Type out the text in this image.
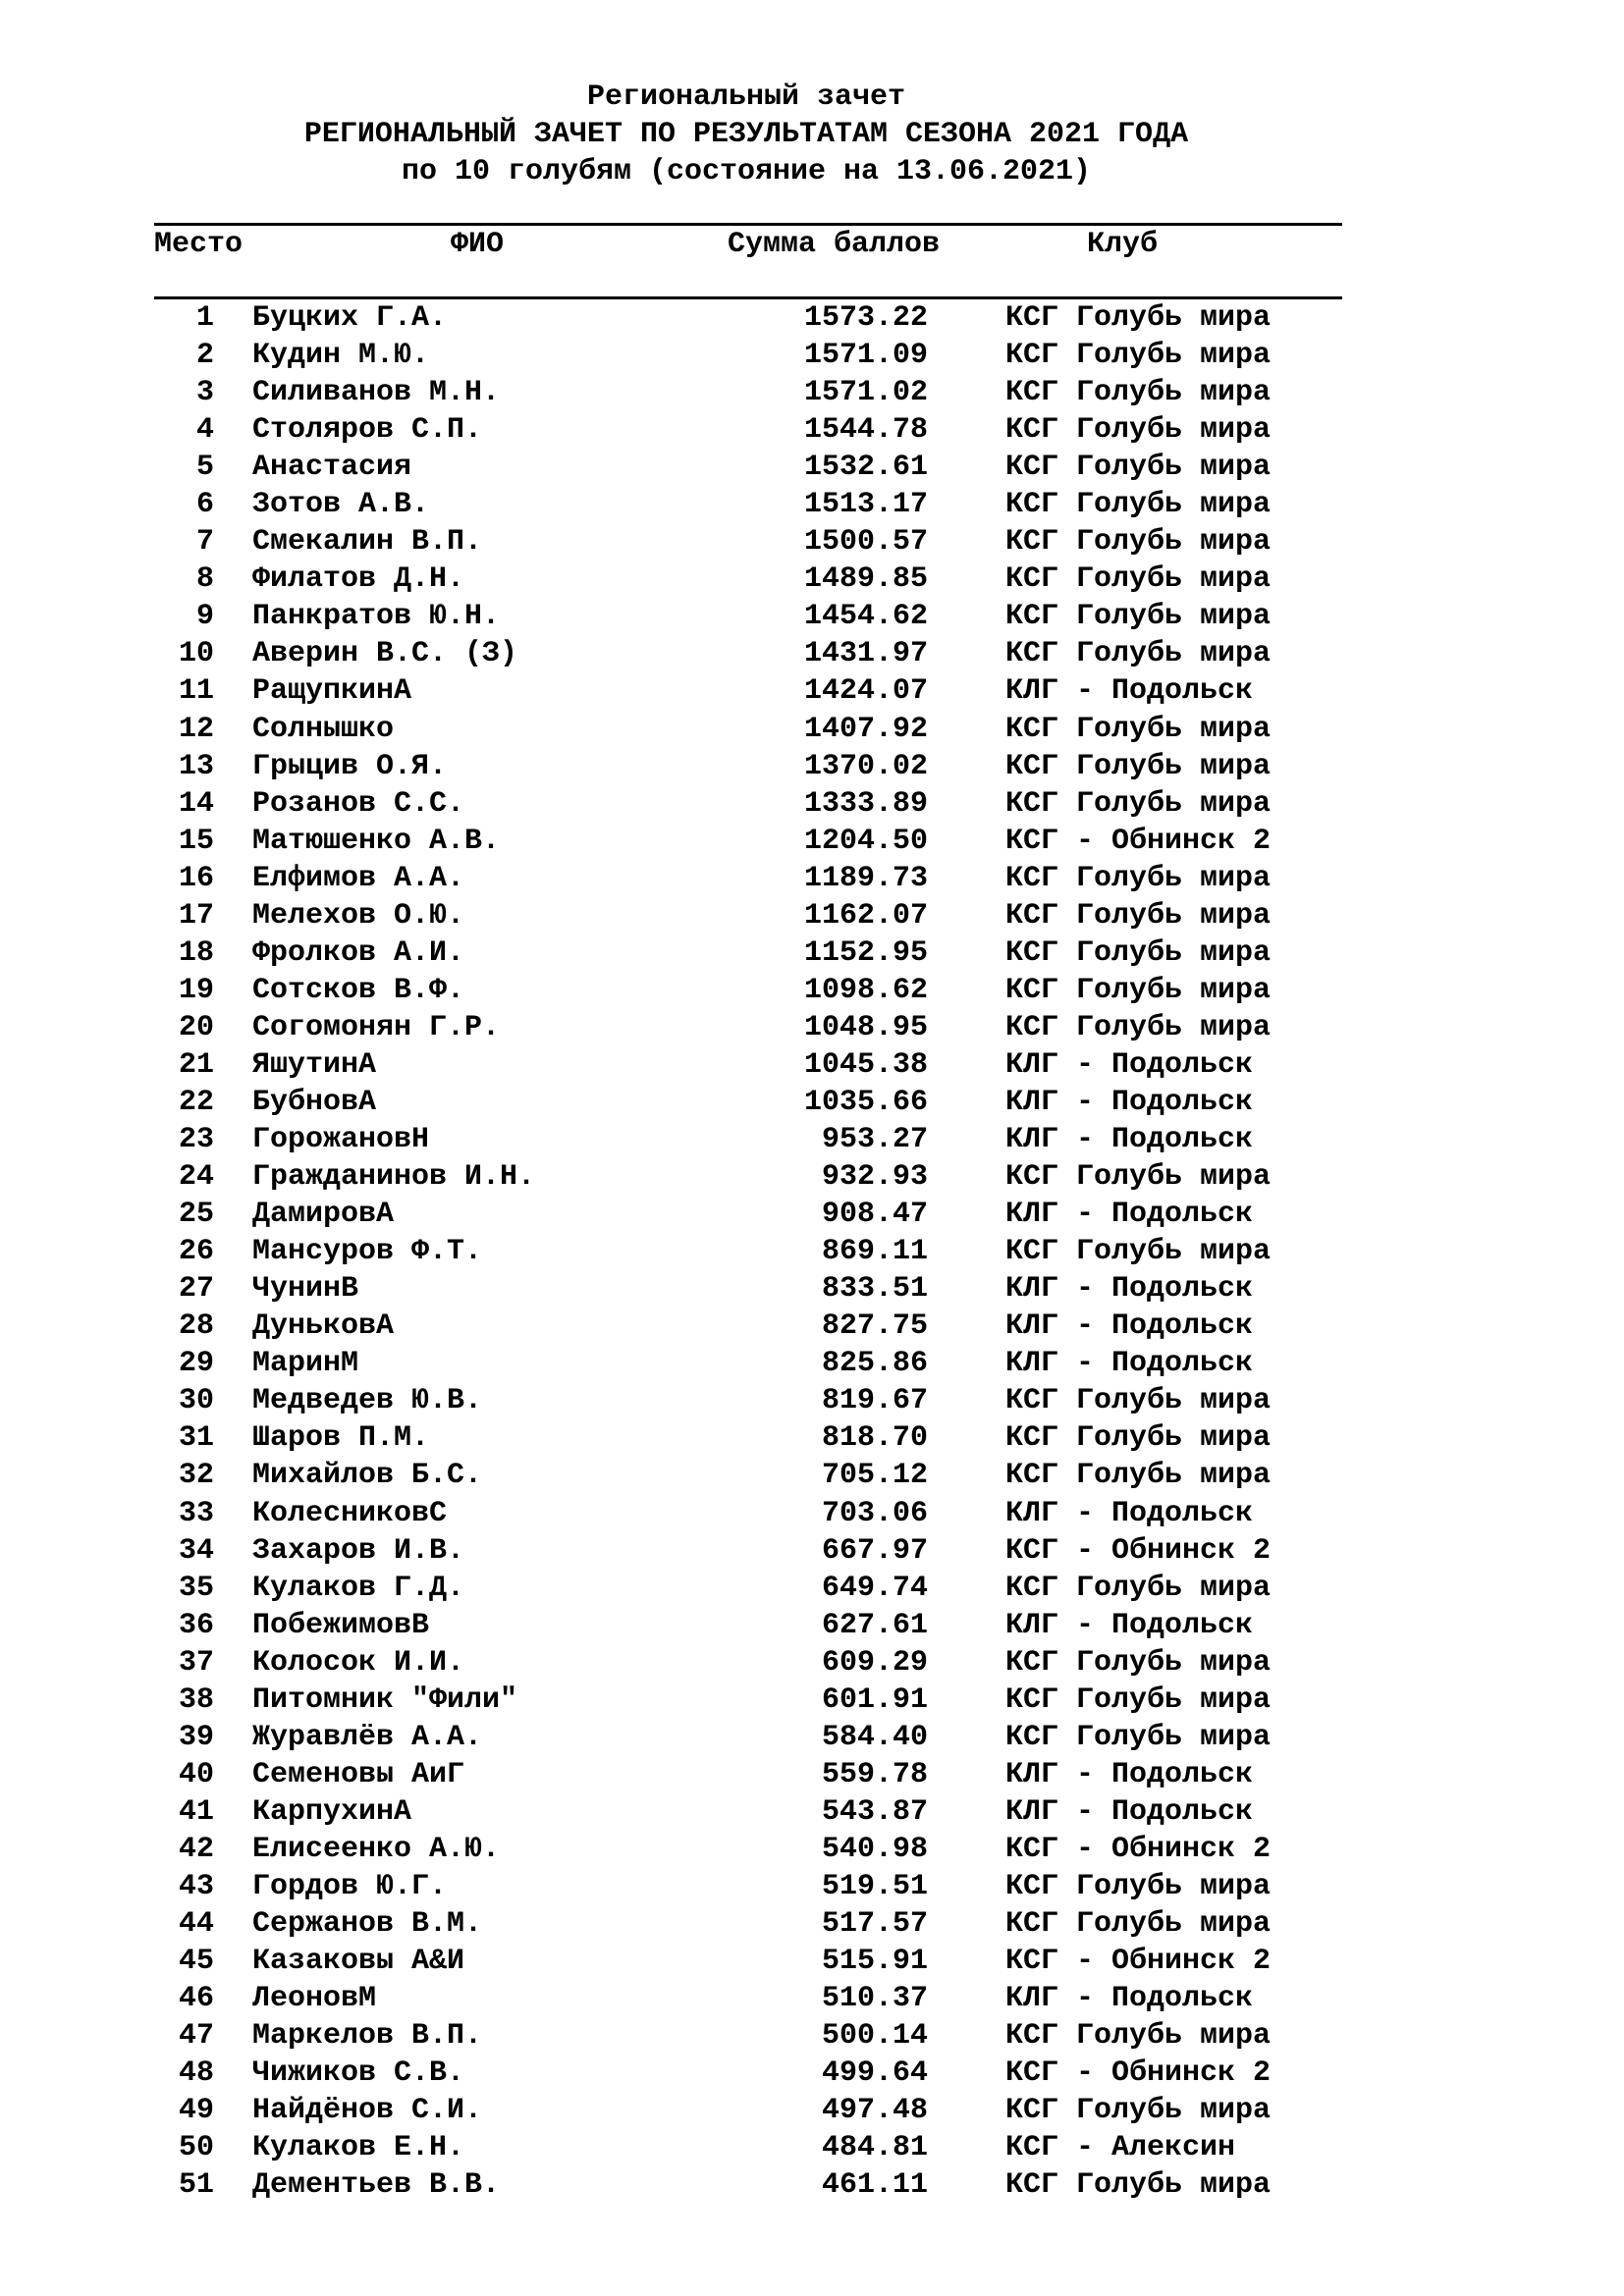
Региональный зачет
РЕГИОНАЛЬНЫЙ ЗАЧЕТ ПО РЕЗУЛЬТАТАМ СЕЗОНА 2021 ГОДА
по 10 голубям (состояние на 13.06.2021)
Место	ФИО	Сумма баллов	Клуб
1 Буцких Г.А.	1573.22	КСГ Голубь мира
2 Кудин М.Ю.	1571.09	КСГ Голубь мира
3 Силиванов М.Н.	1571.02	КСГ Голубь мира
4 Столяров С.П.	1544.78	КСГ Голубь мира
5 Анастасия	1532.61	КСГ Голубь мира
6 Зотов А.В.	1513.17	КСГ Голубь мира
7 Смекалин В.П.	1500.57	КСГ Голубь мира
8 Филатов Д.Н.	1489.85	КСГ Голубь мира
9 Панкратов Ю.Н.	1454.62	КСГ Голубь мира
10 Аверин В.С. (З)	1431.97	КСГ Голубь мира
11 РащупкинА	1424.07	КЛГ - Подольск
12 Солнышко	1407.92	КСГ Голубь мира
13 Грыцив О.Я.	1370.02	КСГ Голубь мира
14 Розанов С.С.	1333.89	КСГ Голубь мира
15 Матюшенко А.В.	1204.50	КСГ - Обнинск 2
16 Елфимов А.А.	1189.73	КСГ Голубь мира
17 Мелехов О.Ю.	1162.07	КСГ Голубь мира
18 Фролков А.И.	1152.95	КСГ Голубь мира
19 Сотсков В.Ф.	1098.62	КСГ Голубь мира
20 Согомонян Г.Р.	1048.95	КСГ Голубь мира
21 ЯшутинА	1045.38	КЛГ - Подольск
22 БубновА	1035.66	КЛГ - Подольск
23 ГорожановН	953.27	КЛГ - Подольск
24 Гражданинов И.Н.	932.93	КСГ Голубь мира
25 ДамировА	908.47	КЛГ - Подольск
26 Мансуров Ф.Т.	869.11	КСГ Голубь мира
27 ЧунинВ	833.51	КЛГ - Подольск
28 ДуньковА	827.75	КЛГ - Подольск
29 МаринМ	825.86	КЛГ - Подольск
30 Медведев Ю.В.	819.67	КСГ Голубь мира
31 Шаров П.М.	818.70	КСГ Голубь мира
32 Михайлов Б.С.	705.12	КСГ Голубь мира
33 КолесниковС	703.06	КЛГ - Подольск
34 Захаров И.В.	667.97	КСГ - Обнинск 2
35 Кулаков Г.Д.	649.74	КСГ Голубь мира
36 ПобежимовВ	627.61	КЛГ - Подольск
37 Колосок И.И.	609.29	КСГ Голубь мира
38 Питомник "Фили"	601.91	КСГ Голубь мира
39 Журавлёв А.А.	584.40	КСГ Голубь мира
40 Семеновы АиГ	559.78	КЛГ - Подольск
41 КарпухинА	543.87	КЛГ - Подольск
42 Елисеенко А.Ю.	540.98	КСГ - Обнинск 2
43 Гордов Ю.Г.	519.51	КСГ Голубь мира
44 Сержанов В.М.	517.57	КСГ Голубь мира
45 Казаковы А&И	515.91	КСГ - Обнинск 2
46 ЛеоновМ	510.37	КЛГ - Подольск
47 Маркелов В.П.	500.14	КСГ Голубь мира
48 Чижиков С.В.	499.64	КСГ - Обнинск 2
49 Найдёнов С.И.	497.48	КСГ Голубь мира
50 Кулаков Е.Н.	484.81	КСГ - Алексин
51 Дементьев В.В.	461.11	КСГ Голубь мира
